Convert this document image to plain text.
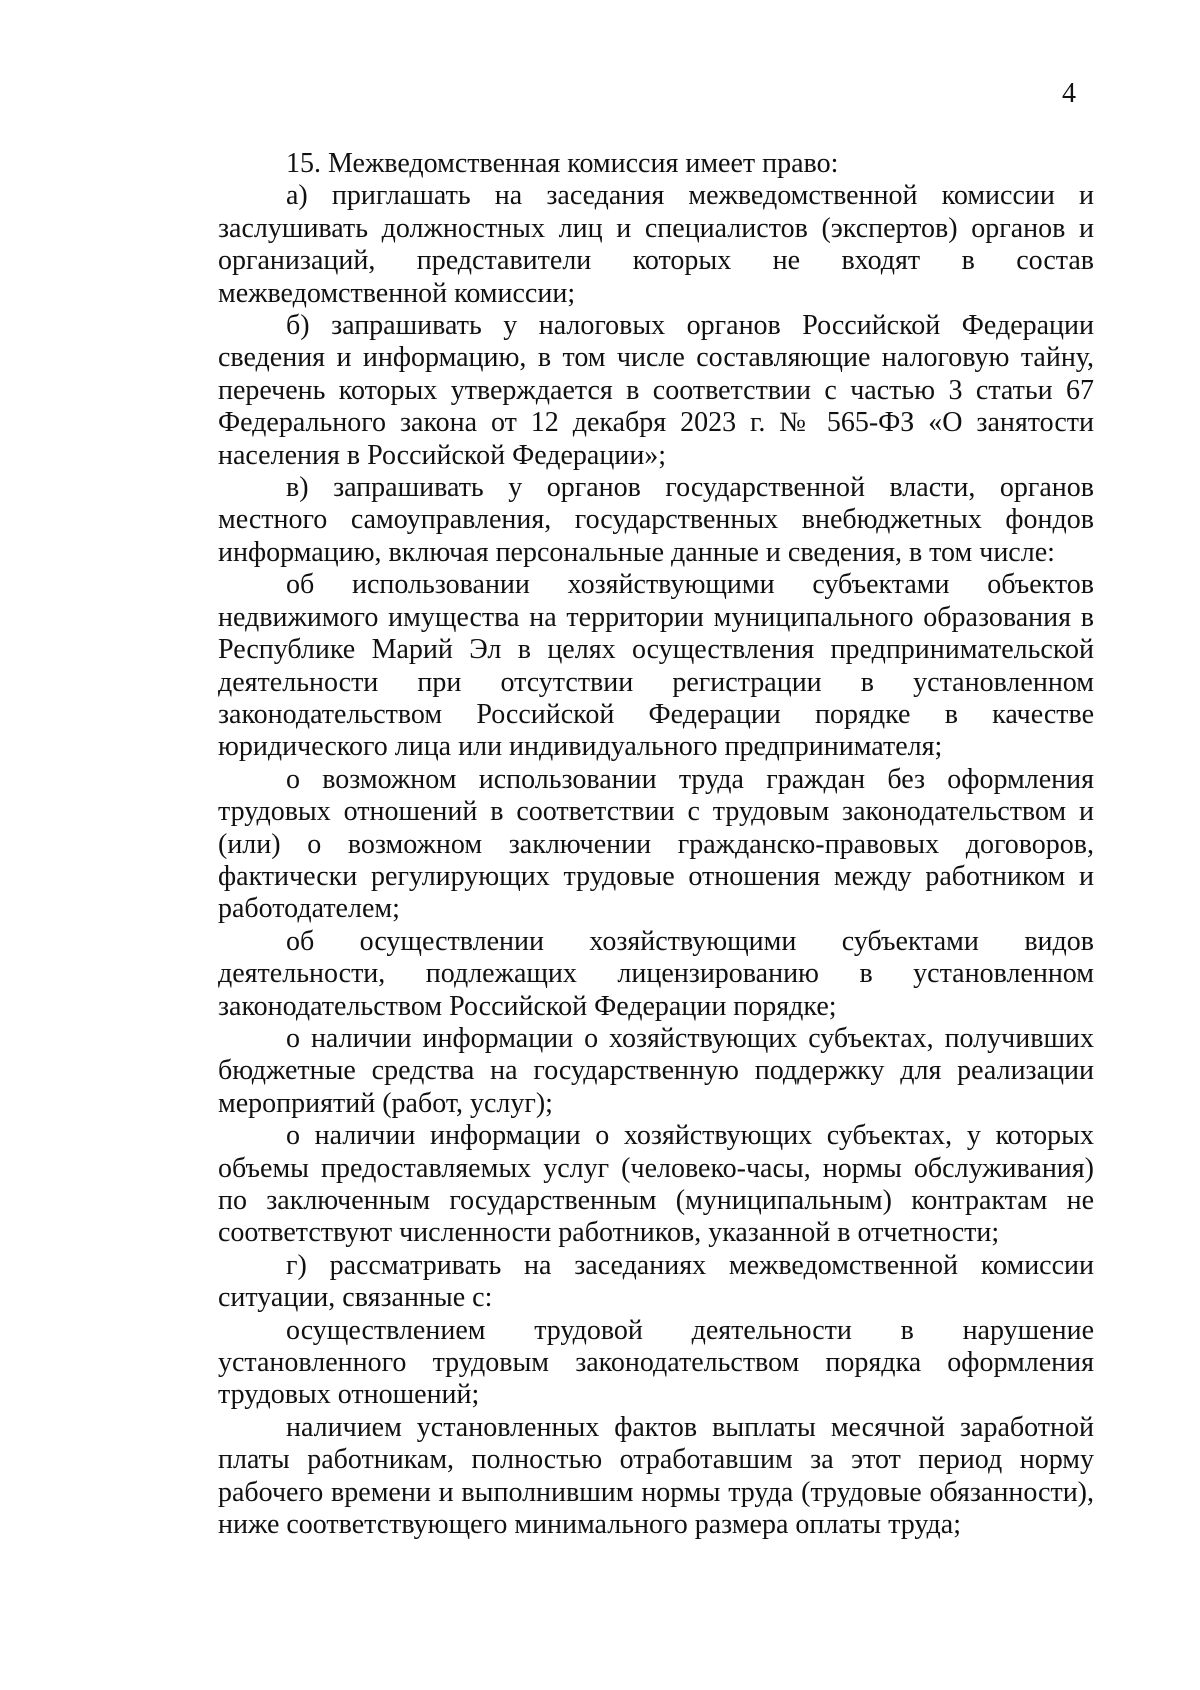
4

15. Межведомственная комиссия имеет право:

а) приглашать на заседания межведомственной комиссии и заслушивать должностных лиц и специалистов (экспертов) органов и организаций, представители которых не входят в состав межведомственной комиссии;

б) запрашивать у налоговых органов Российской Федерации сведения и информацию, в том числе составляющие налоговую тайну, перечень которых утверждается в соответствии с частью 3 статьи 67 Федерального закона от 12 декабря 2023 г. № 565-ФЗ «О занятости населения в Российской Федерации»;

в) запрашивать у органов государственной власти, органов местного самоуправления, государственных внебюджетных фондов информацию, включая персональные данные и сведения, в том числе:

об использовании хозяйствующими субъектами объектов недвижимого имущества на территории муниципального образования в Республике Марий Эл в целях осуществления предпринимательской деятельности при отсутствии регистрации в установленном законодательством Российской Федерации порядке в качестве юридического лица или индивидуального предпринимателя;

о возможном использовании труда граждан без оформления трудовых отношений в соответствии с трудовым законодательством и (или) о возможном заключении гражданско-правовых договоров, фактически регулирующих трудовые отношения между работником и работодателем;

об осуществлении хозяйствующими субъектами видов деятельности, подлежащих лицензированию в установленном законодательством Российской Федерации порядке;

о наличии информации о хозяйствующих субъектах, получивших бюджетные средства на государственную поддержку для реализации мероприятий (работ, услуг);

о наличии информации о хозяйствующих субъектах, у которых объемы предоставляемых услуг (человеко-часы, нормы обслуживания) по заключенным государственным (муниципальным) контрактам не соответствуют численности работников, указанной в отчетности;

г) рассматривать на заседаниях межведомственной комиссии ситуации, связанные с:

осуществлением трудовой деятельности в нарушение установленного трудовым законодательством порядка оформления трудовых отношений;

наличием установленных фактов выплаты месячной заработной платы работникам, полностью отработавшим за этот период норму рабочего времени и выполнившим нормы труда (трудовые обязанности), ниже соответствующего минимального размера оплаты труда;
